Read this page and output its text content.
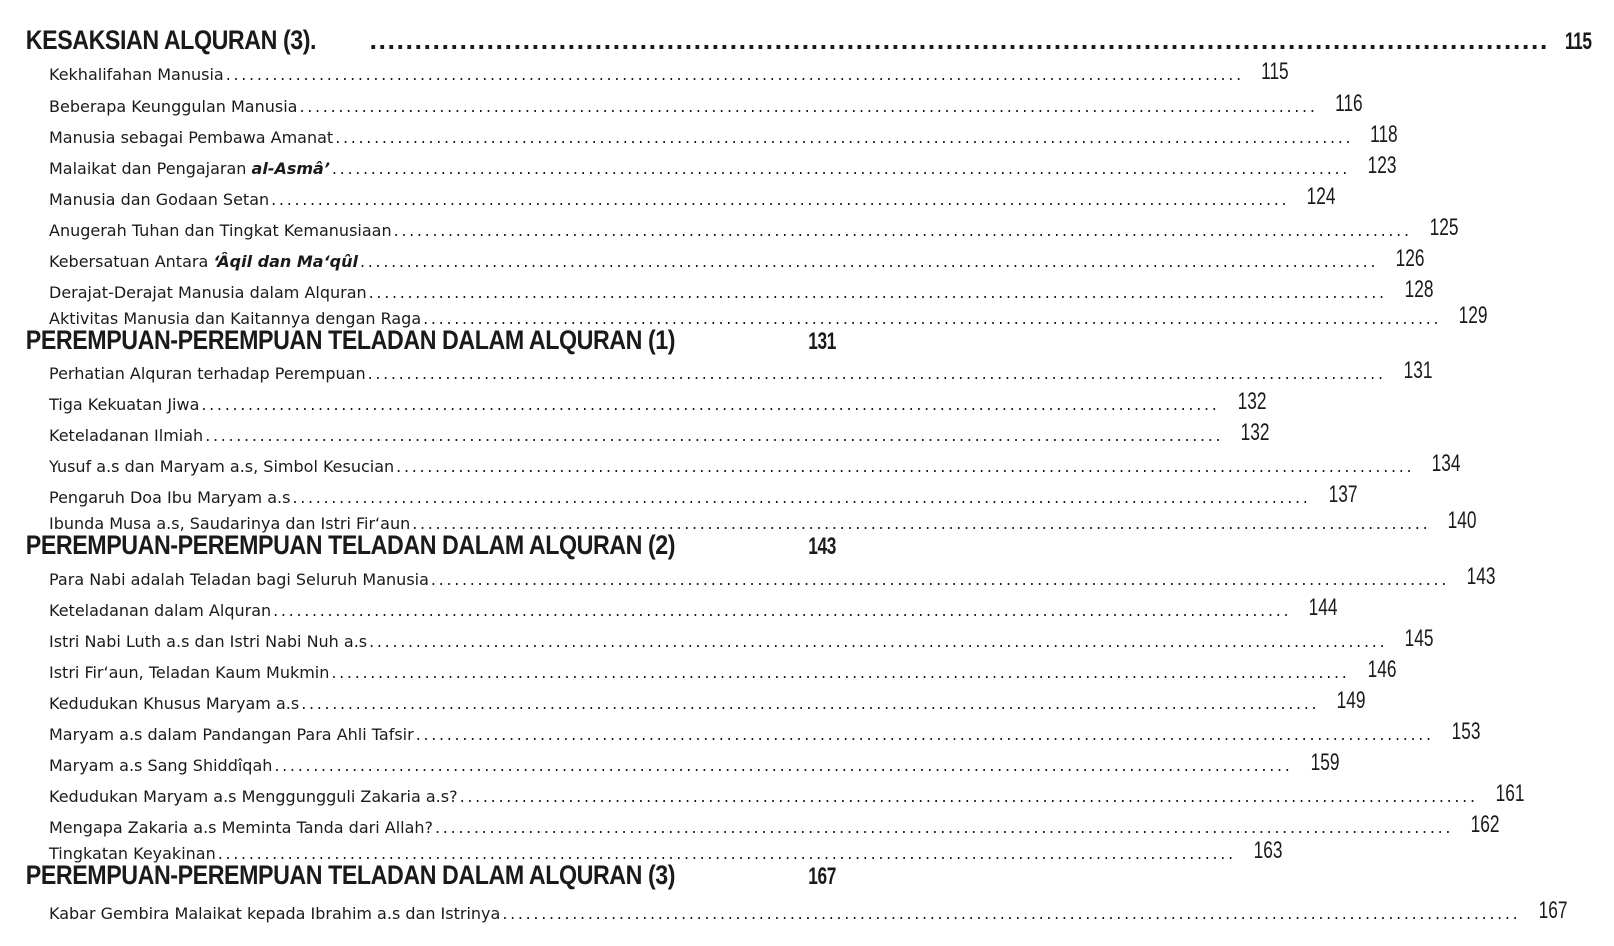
KESAKSIAN ALQURAN (3). . . .	115
Kekhalifahan Manusia . . .	115
Beberapa Keunggulan Manusia . . .	116
Manusia sebagai Pembawa Amanat . . .	118
Malaikat dan Pengajaran al-Asmâ’ . . .	123
Manusia dan Godaan Setan . . .	124
Anugerah Tuhan dan Tingkat Kemanusiaan . . .	125
Kebersatuan Antara ‘Âqil dan Ma‘qûl . . .	126
Derajat-Derajat Manusia dalam Alquran . . .	128
Aktivitas Manusia dan Kaitannya dengan Raga . . .	129
PEREMPUAN-PEREMPUAN TELADAN DALAM ALQURAN (1)	131
Perhatian Alquran terhadap Perempuan . . .	131
Tiga Kekuatan Jiwa . . .	132
Keteladanan Ilmiah . . .	132
Yusuf a.s dan Maryam a.s, Simbol Kesucian . . .	134
Pengaruh Doa Ibu Maryam a.s . . .	137
Ibunda Musa a.s, Saudarinya dan Istri Fir‘aun . . .	140
PEREMPUAN-PEREMPUAN TELADAN DALAM ALQURAN (2)	143
Para Nabi adalah Teladan bagi Seluruh Manusia . . .	143
Keteladanan dalam Alquran . . .	144
Istri Nabi Luth a.s dan Istri Nabi Nuh a.s . . .	145
Istri Fir‘aun, Teladan Kaum Mukmin . . .	146
Kedudukan Khusus Maryam a.s . . .	149
Maryam a.s dalam Pandangan Para Ahli Tafsir . . .	153
Maryam a.s Sang Shiddîqah . . .	159
Kedudukan Maryam a.s Menggungguli Zakaria a.s? . . .	161
Mengapa Zakaria a.s Meminta Tanda dari Allah? . . .	162
Tingkatan Keyakinan . . .	163
PEREMPUAN-PEREMPUAN TELADAN DALAM ALQURAN (3)	167
Kabar Gembira Malaikat kepada Ibrahim a.s dan Istrinya . . .	167
